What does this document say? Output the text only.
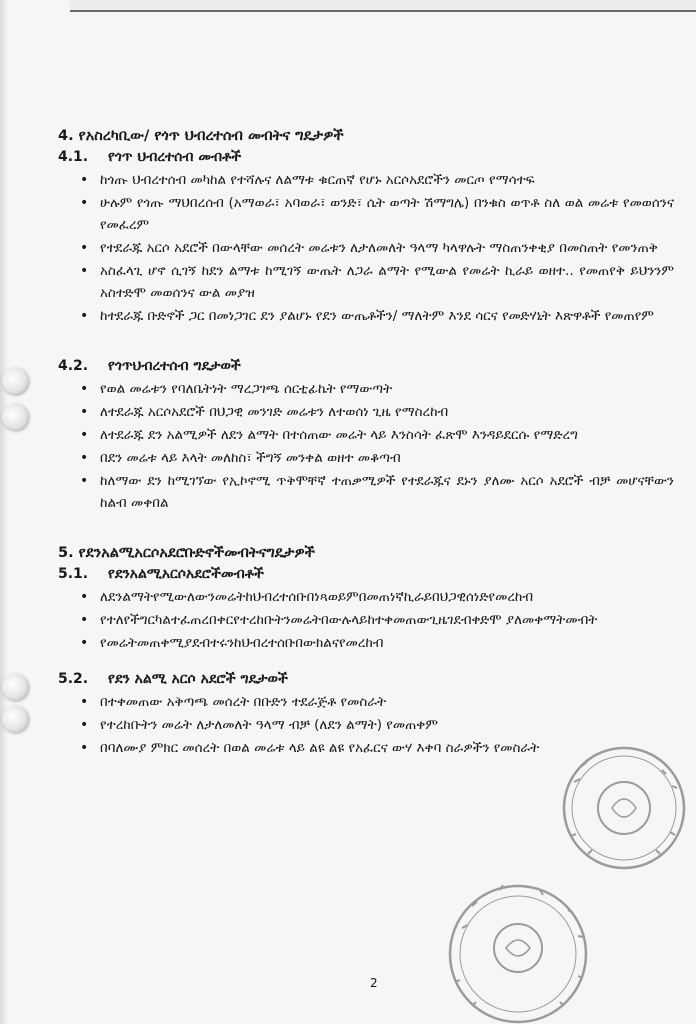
4. የአስረካቢው/ የጎጥ ህብረተሰብ መብትና ግዴታዎች
4.1. የጎጥ ህብረተሰብ መብቶች
• ከጎጡ ህብረተሰብ መካከል የተሻሉና ለልማቱ ቁርጠኛ የሆኑ አርሶአደሮችን መርጦ የማሳተፍ
• ሁሉም የጎጡ ማህበረሰብ (አማወራ፣ አባወራ፣ ወንድ፣ ሴት ወጣት ሽማግሌ) በንቁስ ወጥቶ ስለ ወል መሬቱ የመወሰንና የመፈረም
• የተደራጁ አርሶ አደሮች በውላቸው መሰረት መሬቱን ለታለመለት ዓላማ ካላዋሉት ማስጠንቀቂያ በመስጠት የመንጠቅ
• አስፈላጊ ሆኖ ሲገኝ ከደን ልማቱ ከሚገኝ ውጤት ለጋራ ልማት የሚውል የመሬት ኪራይ ወዘተ.. የመጠየቅ ይህንንም አስተድሞ መወሰንና ውል መያዝ
• ከተደራጁ ቡድኖች ጋር በመነጋገር ደን ያልሆኑ የደን ውጤቶችን/ ማለትም እንደ ሳርና የመድሃኒት እጽዋቶች የመጠየም
4.2. የጎጥህብረተሰብ ግዴታወች
• የወል መሬቱን የባለቤትነት ማረጋገጫ ሰርቲፊኬት የማውጣት
• ለተደራጁ አርሶአደሮች በህጋዊ መንገድ መሬቱን ለተወሰነ ጊዜ የማስረከብ
• ለተደራጁ ደን አልሚዎች ለደን ልማት በተሰጠው መሬት ላይ እንስሳት ፈጽሞ እንዳይደርሱ የማድረግ
• በደን መሬቱ ላይ እላት መለከስ፣ ችግኝ መንቀል ወዘተ መቆጣብ
• ከለማው ደን ከሚገኘው የኢኮኖሚ ጥቅሞቸኛ ተጠቃሚዎች የተደራጁና ደኑን ያለሙ አርሶ አደሮች ብቻ መሆናቸውን ከልብ መቀበል
5. የደንአልሚአርሶአደሮቡድኖችመብትናግዴታዎች
5.1. የደንአልሚአርሶአደሮችመብቶች
• ለደንልማትየሚውለውንመሬትከህብረተሰቡበነጻወይምበመጠነኛኪራይበህጋዊሰነድየመረከብ
• የተለየችግርካልተፈጠረበቀርየተረከቡትንመሬትበውሉላይከተቀመጠውጊዜገደብቀድሞ ያለመቀማትመብት
• የመሬትመጠቀሚያደብተሩንከህብረተሰቡበውክልናየመረከብ
5.2. የደን አልሚ አርሶ አደሮች ግዴታወች
• በተቀመጠው አቅጣጫ መሰረት በቡድን ተደራጅቶ የመስራት
• የተረከቡትን መሬት ለታለመለት ዓላማ ብቻ (ለደን ልማት) የመጠቀም
• በባለሙያ ምክር መሰረት በወል መሬቱ ላይ ልዩ ልዩ የአፈርና ውሃ እቀባ ስራዎችን የመስራት
2
